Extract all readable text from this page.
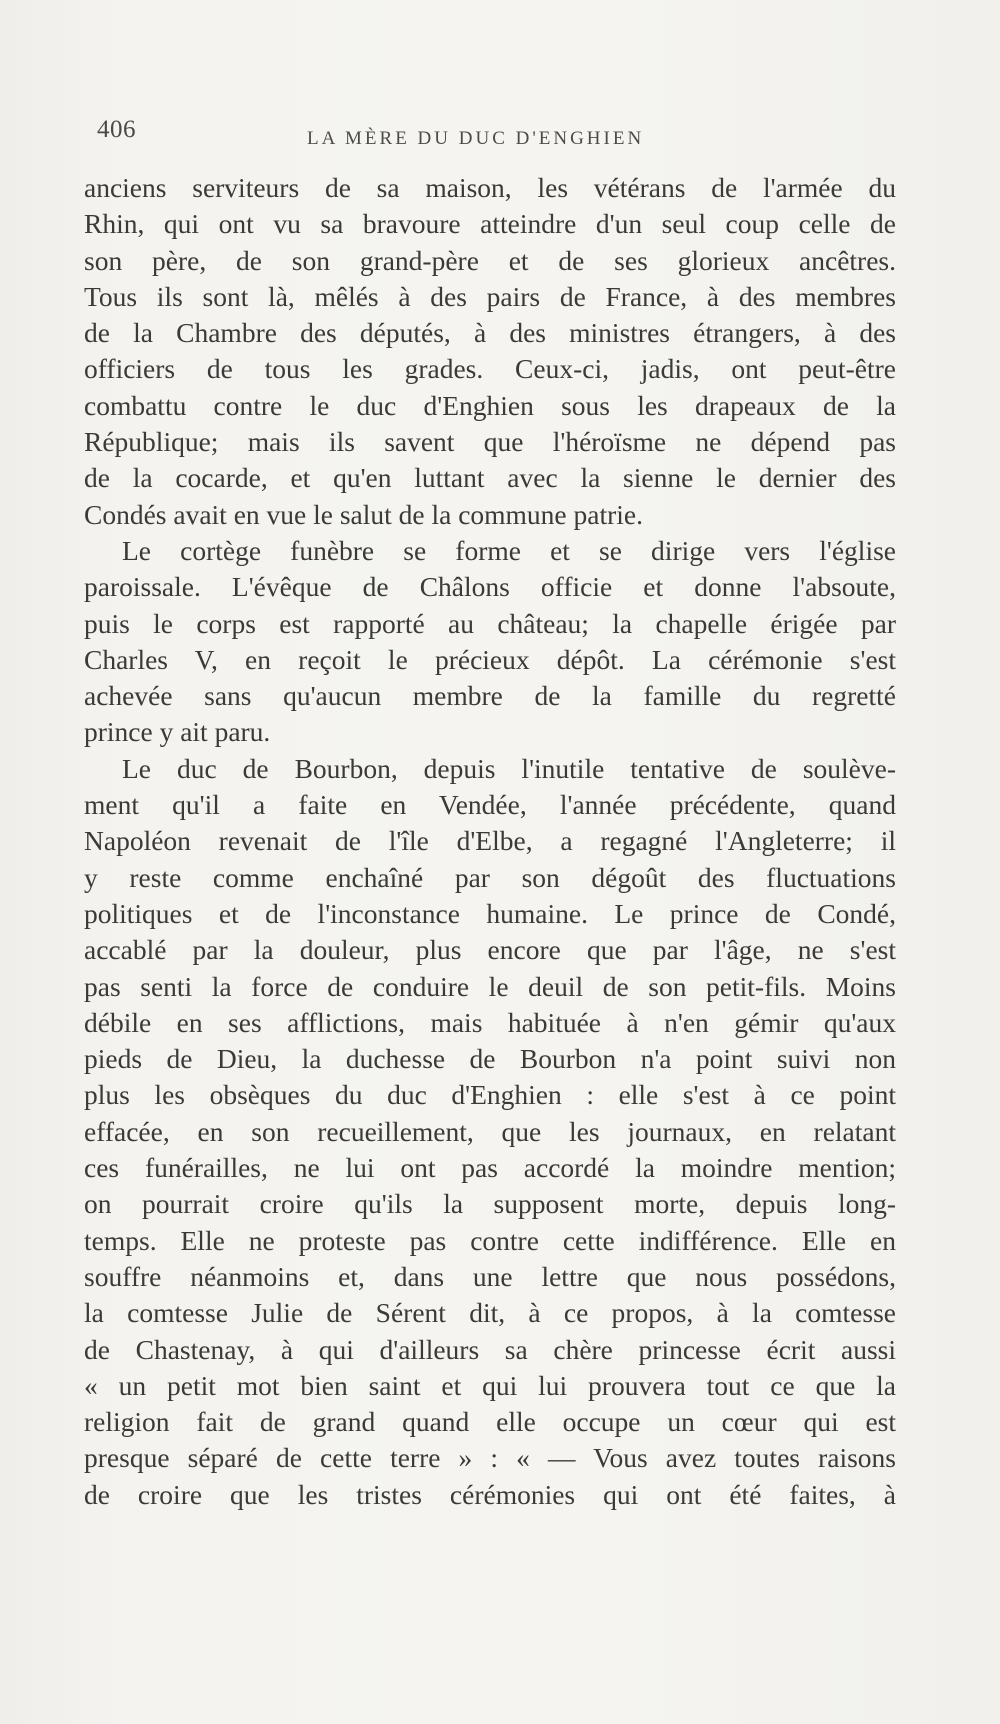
406	LA MÈRE DU DUC D'ENGHIEN
anciens serviteurs de sa maison, les vétérans de l'armée du
Rhin, qui ont vu sa bravoure atteindre d'un seul coup celle de
son père, de son grand-père et de ses glorieux ancêtres.
Tous ils sont là, mêlés à des pairs de France, à des membres
de la Chambre des députés, à des ministres étrangers, à des
officiers de tous les grades. Ceux-ci, jadis, ont peut-être
combattu contre le duc d'Enghien sous les drapeaux de la
République; mais ils savent que l'héroïsme ne dépend pas
de la cocarde, et qu'en luttant avec la sienne le dernier des
Condés avait en vue le salut de la commune patrie.
Le cortège funèbre se forme et se dirige vers l'église
paroissale. L'évêque de Châlons officie et donne l'absoute,
puis le corps est rapporté au château; la chapelle érigée par
Charles V, en reçoit le précieux dépôt. La cérémonie s'est
achevée sans qu'aucun membre de la famille du regretté
prince y ait paru.
Le duc de Bourbon, depuis l'inutile tentative de soulève-
ment qu'il a faite en Vendée, l'année précédente, quand
Napoléon revenait de l'île d'Elbe, a regagné l'Angleterre; il
y reste comme enchaîné par son dégoût des fluctuations
politiques et de l'inconstance humaine. Le prince de Condé,
accablé par la douleur, plus encore que par l'âge, ne s'est
pas senti la force de conduire le deuil de son petit-fils. Moins
débile en ses afflictions, mais habituée à n'en gémir qu'aux
pieds de Dieu, la duchesse de Bourbon n'a point suivi non
plus les obsèques du duc d'Enghien : elle s'est à ce point
effacée, en son recueillement, que les journaux, en relatant
ces funérailles, ne lui ont pas accordé la moindre mention;
on pourrait croire qu'ils la supposent morte, depuis long-
temps. Elle ne proteste pas contre cette indifférence. Elle en
souffre néanmoins et, dans une lettre que nous possédons,
la comtesse Julie de Sérent dit, à ce propos, à la comtesse
de Chastenay, à qui d'ailleurs sa chère princesse écrit aussi
« un petit mot bien saint et qui lui prouvera tout ce que la
religion fait de grand quand elle occupe un cœur qui est
presque séparé de cette terre » : « — Vous avez toutes raisons
de croire que les tristes cérémonies qui ont été faites, à
